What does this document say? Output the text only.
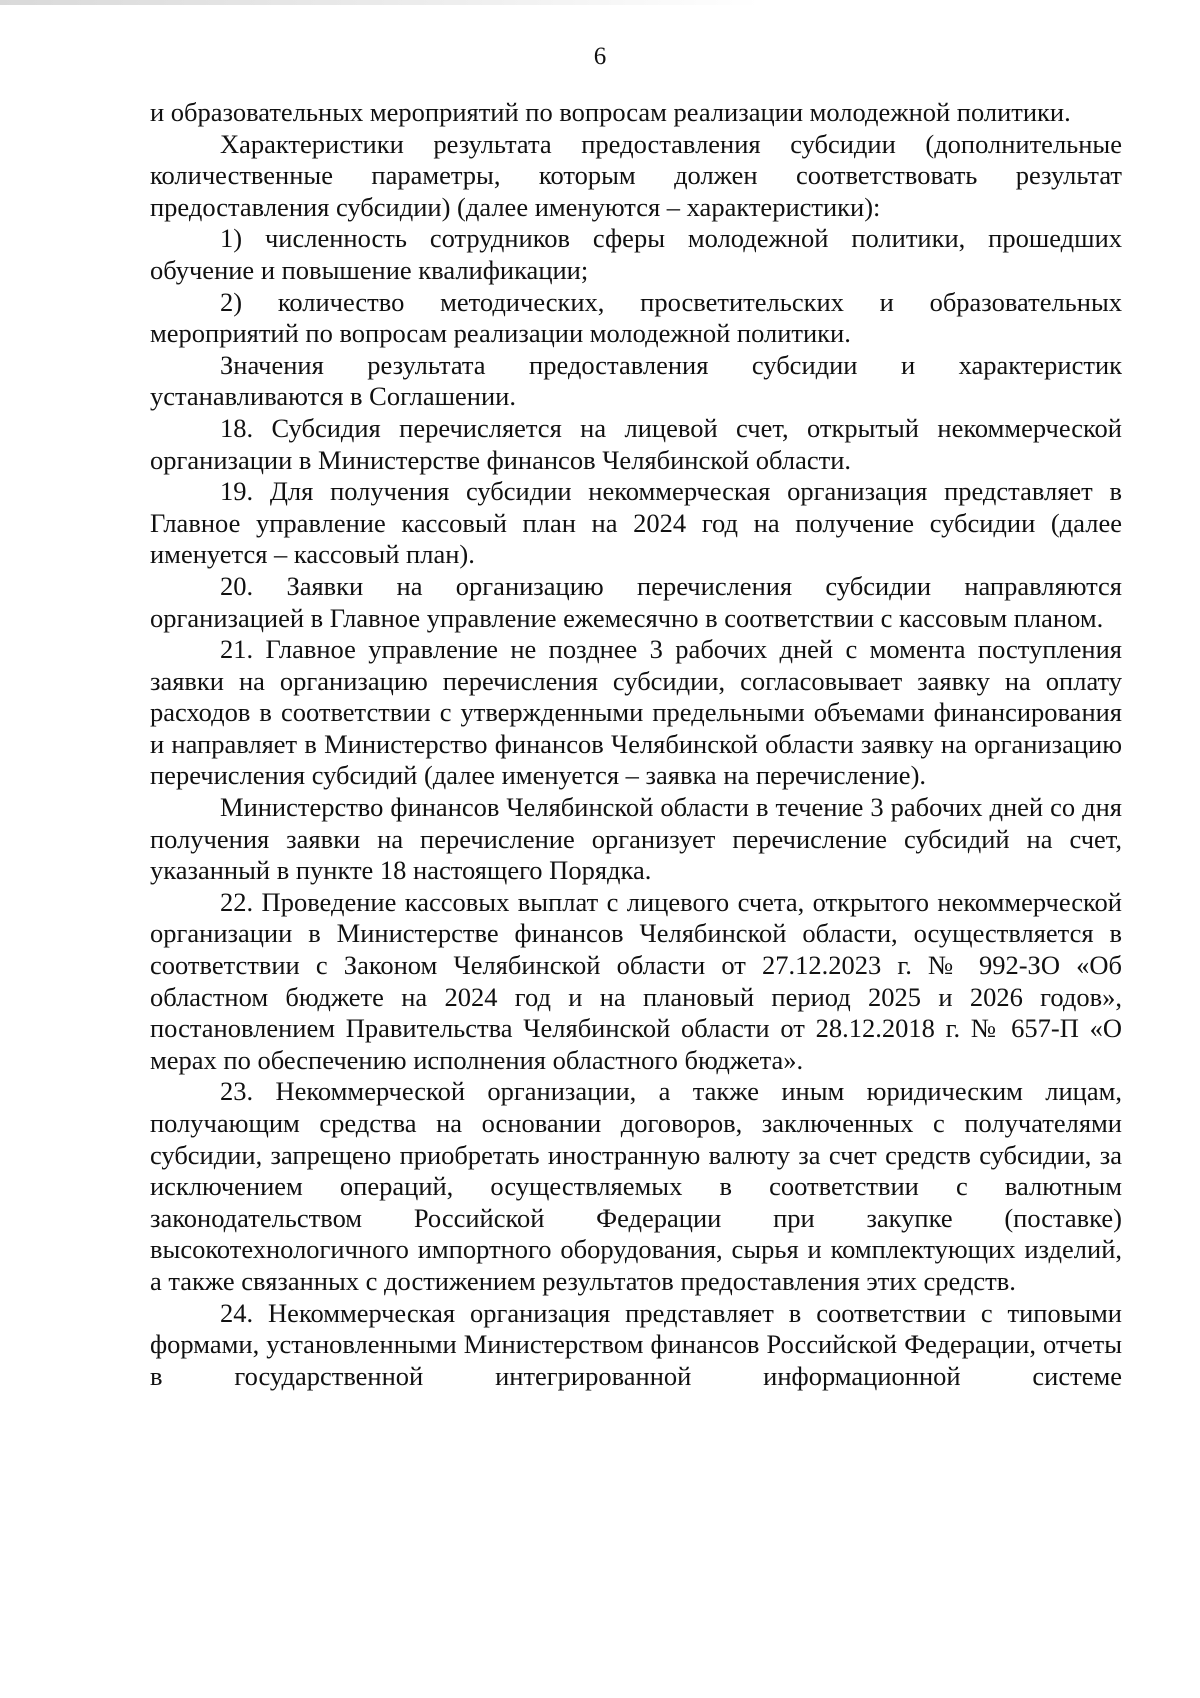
6

и образовательных мероприятий по вопросам реализации молодежной политики.

Характеристики результата предоставления субсидии (дополнительные количественные параметры, которым должен соответствовать результат предоставления субсидии) (далее именуются – характеристики):

1) численность сотрудников сферы молодежной политики, прошедших обучение и повышение квалификации;

2) количество методических, просветительских и образовательных мероприятий по вопросам реализации молодежной политики.

Значения результата предоставления субсидии и характеристик устанавливаются в Соглашении.

18. Субсидия перечисляется на лицевой счет, открытый некоммерческой организации в Министерстве финансов Челябинской области.

19. Для получения субсидии некоммерческая организация представляет в Главное управление кассовый план на 2024 год на получение субсидии (далее именуется – кассовый план).

20. Заявки на организацию перечисления субсидии направляются организацией в Главное управление ежемесячно в соответствии с кассовым планом.

21. Главное управление не позднее 3 рабочих дней с момента поступления заявки на организацию перечисления субсидии, согласовывает заявку на оплату расходов в соответствии с утвержденными предельными объемами финансирования и направляет в Министерство финансов Челябинской области заявку на организацию перечисления субсидий (далее именуется – заявка на перечисление).

Министерство финансов Челябинской области в течение 3 рабочих дней со дня получения заявки на перечисление организует перечисление субсидий на счет, указанный в пункте 18 настоящего Порядка.

22. Проведение кассовых выплат с лицевого счета, открытого некоммерческой организации в Министерстве финансов Челябинской области, осуществляется в соответствии с Законом Челябинской области от 27.12.2023 г. № 992-ЗО «Об областном бюджете на 2024 год и на плановый период 2025 и 2026 годов», постановлением Правительства Челябинской области от 28.12.2018 г. № 657-П «О мерах по обеспечению исполнения областного бюджета».

23. Некоммерческой организации, а также иным юридическим лицам, получающим средства на основании договоров, заключенных с получателями субсидии, запрещено приобретать иностранную валюту за счет средств субсидии, за исключением операций, осуществляемых в соответствии с валютным законодательством Российской Федерации при закупке (поставке) высокотехнологичного импортного оборудования, сырья и комплектующих изделий, а также связанных с достижением результатов предоставления этих средств.

24. Некоммерческая организация представляет в соответствии с типовыми формами, установленными Министерством финансов Российской Федерации, отчеты в государственной интегрированной информационной системе
